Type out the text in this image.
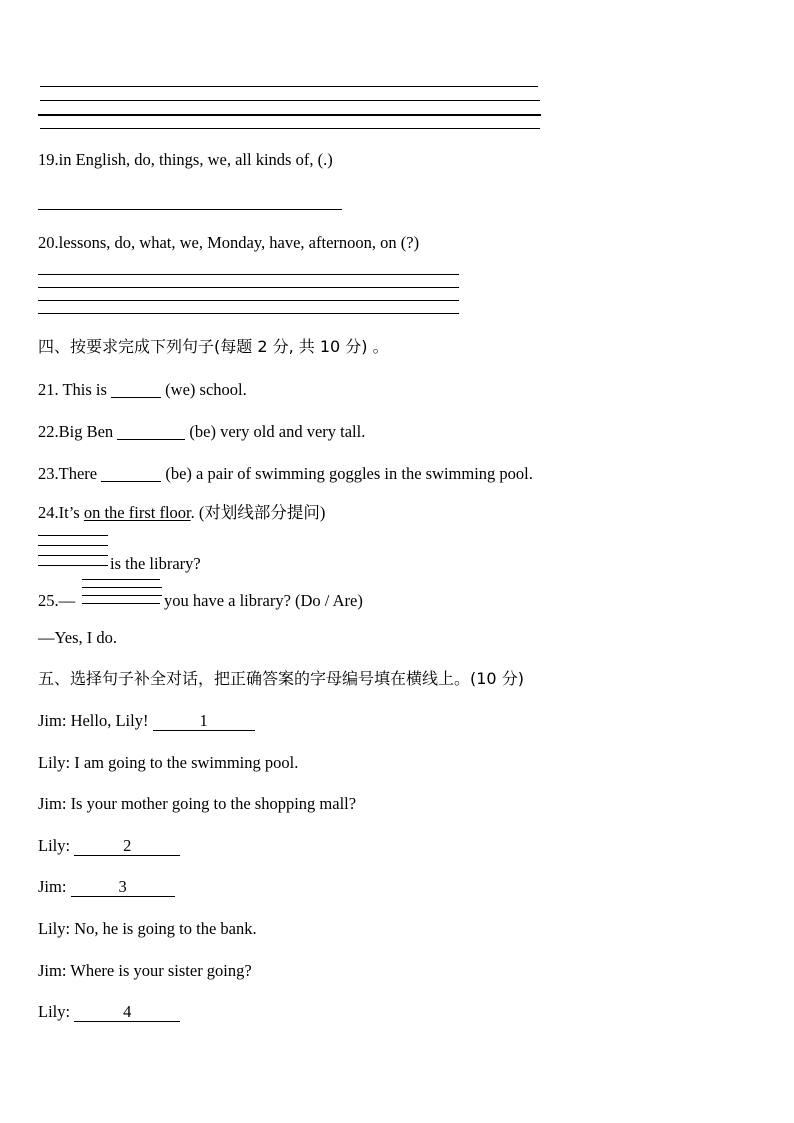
19.in English, do, things, we, all kinds of, (.)
20.lessons, do, what, we, Monday, have, afternoon, on (?)
四、按要求完成下列句子(每题 2 分, 共 10 分) 。
21. This is	(we) school.
22.Big Ben	(be) very old and very tall.
23.There	(be) a pair of swimming goggles in the swimming pool.
24.It’s on the first floor. (对划线部分提问)
is the library?
25.—	you have a library? (Do / Are)
—Yes, I do.
五、选择句子补全对话，把正确答案的字母编号填在横线上。(10 分)
Jim: Hello, Lily!	1
Lily: I am going to the swimming pool.
Jim: Is your mother going to the shopping mall?
Lily:	2
Jim:	3
Lily: No, he is going to the bank.
Jim: Where is your sister going?
Lily:	4
